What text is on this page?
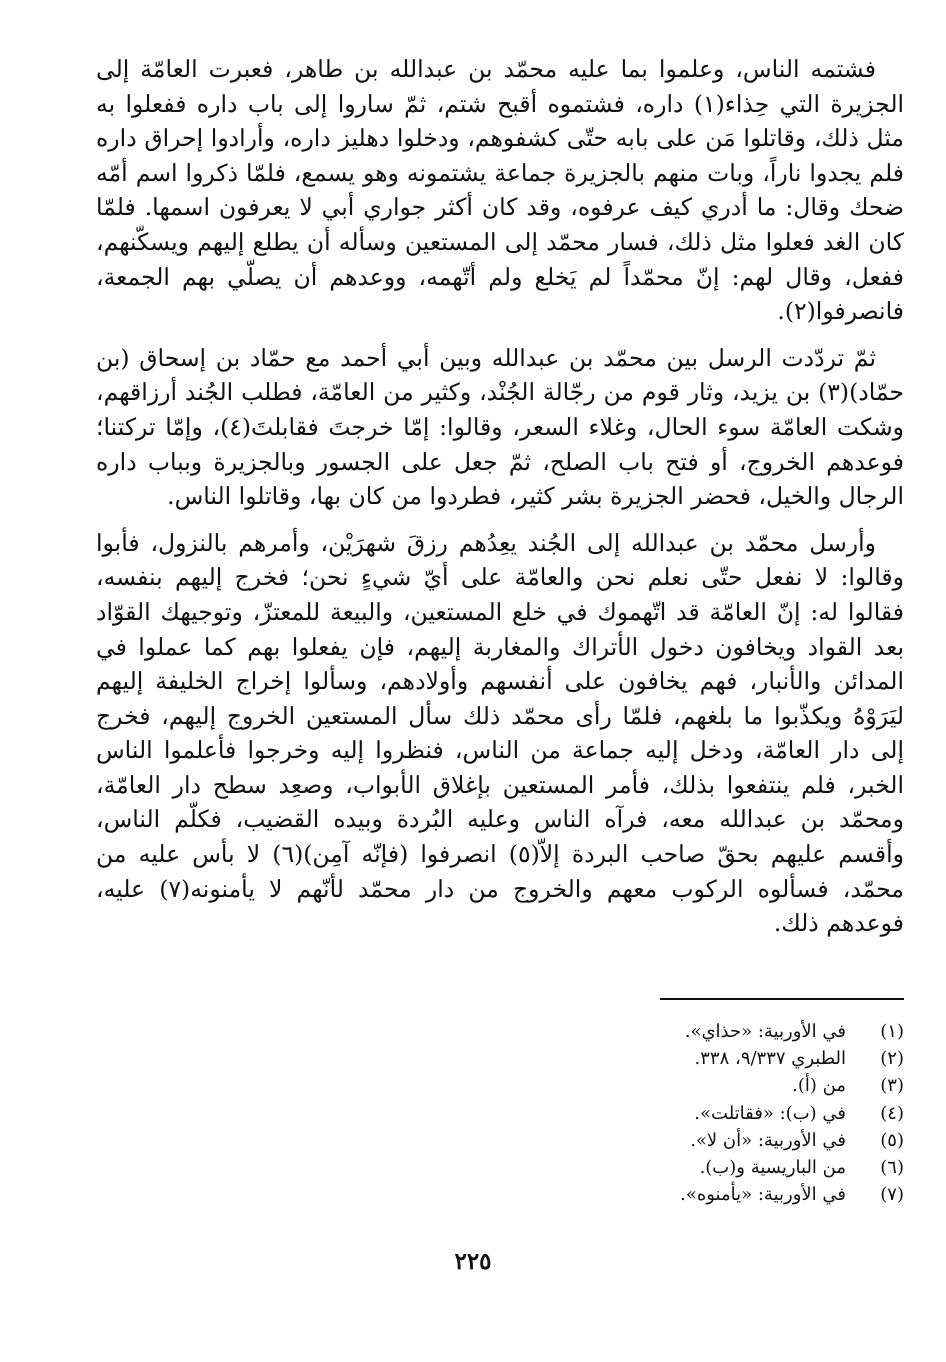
فشتمه الناس، وعلموا بما عليه محمّد بن عبدالله بن طاهر، فعبرت العامّة إلى الجزيرة التي حِذاء(١) داره، فشتموه أقبح شتم، ثمّ ساروا إلى باب داره ففعلوا به مثل ذلك، وقاتلوا مَن على بابه حتّى كشفوهم، ودخلوا دهليز داره، وأرادوا إحراق داره فلم يجدوا ناراً، وبات منهم بالجزيرة جماعة يشتمونه وهو يسمع، فلمّا ذكروا اسم أمّه ضحك وقال: ما أدري كيف عرفوه، وقد كان أكثر جواري أبي لا يعرفون اسمها. فلمّا كان الغد فعلوا مثل ذلك، فسار محمّد إلى المستعين وسأله أن يطلع إليهم ويسكّنهم، ففعل، وقال لهم: إنّ محمّداً لم يَخلع ولم أتّهمه، ووعدهم أن يصلّي بهم الجمعة، فانصرفوا(٢).

ثمّ تردّدت الرسل بين محمّد بن عبدالله وبين أبي أحمد مع حمّاد بن إسحاق (بن حمّاد)(٣) بن يزيد، وثار قوم من رجّالة الجُنْد، وكثير من العامّة، فطلب الجُند أرزاقهم، وشكت العامّة سوء الحال، وغلاء السعر، وقالوا: إمّا خرجتَ فقابلتَ(٤)، وإمّا تركتنا؛ فوعدهم الخروج، أو فتح باب الصلح، ثمّ جعل على الجسور وبالجزيرة وبباب داره الرجال والخيل، فحضر الجزيرة بشر كثير، فطردوا من كان بها، وقاتلوا الناس.

وأرسل محمّد بن عبدالله إلى الجُند يعِدُهم رزقَ شهرَيْن، وأمرهم بالنزول، فأبوا وقالوا: لا نفعل حتّى نعلم نحن والعامّة على أيّ شيءٍ نحن؛ فخرج إليهم بنفسه، فقالوا له: إنّ العامّة قد اتّهموك في خلع المستعين، والبيعة للمعتزّ، وتوجيهك القوّاد بعد القواد ويخافون دخول الأتراك والمغاربة إليهم، فإن يفعلوا بهم كما عملوا في المدائن والأنبار، فهم يخافون على أنفسهم وأولادهم، وسألوا إخراج الخليفة إليهم ليَرَوْهُ ويكذّبوا ما بلغهم، فلمّا رأى محمّد ذلك سأل المستعين الخروج إليهم، فخرج إلى دار العامّة، ودخل إليه جماعة من الناس، فنظروا إليه وخرجوا فأعلموا الناس الخبر، فلم ينتفعوا بذلك، فأمر المستعين بإغلاق الأبواب، وصعِد سطح دار العامّة، ومحمّد بن عبدالله معه، فرآه الناس وعليه البُردة وبيده القضيب، فكلّم الناس، وأقسم عليهم بحقّ صاحب البردة إلاّ(٥) انصرفوا (فإنّه آمِن)(٦) لا بأس عليه من محمّد، فسألوه الركوب معهم والخروج من دار محمّد لأنّهم لا يأمنونه(٧) عليه، فوعدهم ذلك.

(١)في الأوربية: «حذاي».
(٢)الطبري ٩/٣٣٧، ٣٣٨.
(٣)من (أ).
(٤)في (ب): «فقاتلت».
(٥)في الأوربية: «أن لا».
(٦)من الباريسية و(ب).
(٧)في الأوربية: «يأمنوه».
٢٢٥
